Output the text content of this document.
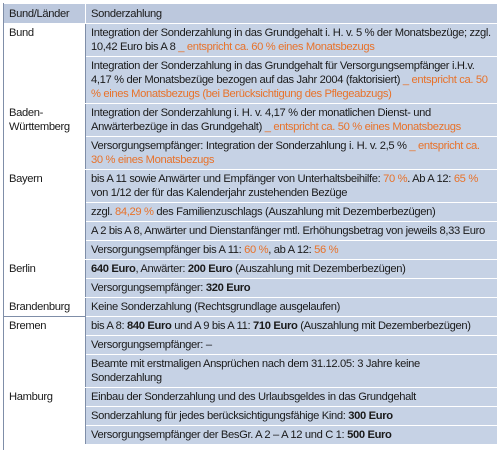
Bund/Länder	Sonderzahlung
Bund	Integration der Sonderzahlung in das Grundgehalt i. H. v. 5 % der Monatsbezüge; zzgl. 10,42 Euro bis A 8 _ entspricht ca. 60 % eines Monatsbezugs
	Integration der Sonderzahlung in das Grundgehalt für Versorgungsempfänger i.H.v. 4,17 % der Monatsbezüge bezogen auf das Jahr 2004 (faktorisiert) _ entspricht ca. 50 % eines Monatsbezugs (bei Berücksichtigung des Pflegeabzugs)
Baden-Württemberg	Integration der Sonderzahlung i. H. v. 4,17 % der monatlichen Dienst- und Anwärterbezüge in das Grundgehalt) _ entspricht ca. 50 % eines Monatsbezugs
	Versorgungsempfänger: Integration der Sonderzahlung i. H. v. 2,5 % _ entspricht ca. 30 % eines Monatsbezugs
Bayern	bis A 11 sowie Anwärter und Empfänger von Unterhaltsbeihilfe: 70 %. Ab A 12: 65 % von 1/12 der für das Kalenderjahr zustehenden Bezüge
	zzgl. 84,29 % des Familienzuschlags (Auszahlung mit Dezemberbezügen)
	A 2 bis A 8, Anwärter und Dienstanfänger mtl. Erhöhungsbetrag von jeweils 8,33 Euro
	Versorgungsempfänger bis A 11: 60 %, ab A 12: 56 %
Berlin	640 Euro, Anwärter: 200 Euro (Auszahlung mit Dezemberbezügen)
	Versorgungsempfänger: 320 Euro
Brandenburg	Keine Sonderzahlung (Rechtsgrundlage ausgelaufen)
Bremen	bis A 8: 840 Euro und A 9 bis A 11: 710 Euro (Auszahlung mit Dezemberbezügen)
	Versorgungsempfänger: –
	Beamte mit erstmaligen Ansprüchen nach dem 31.12.05: 3 Jahre keine Sonderzahlung
Hamburg	Einbau der Sonderzahlung und des Urlaubsgeldes in das Grundgehalt
	Sonderzahlung für jedes berücksichtigungsfähige Kind: 300 Euro
	Versorgungsempfänger der BesGr. A 2 – A 12 und C 1: 500 Euro
